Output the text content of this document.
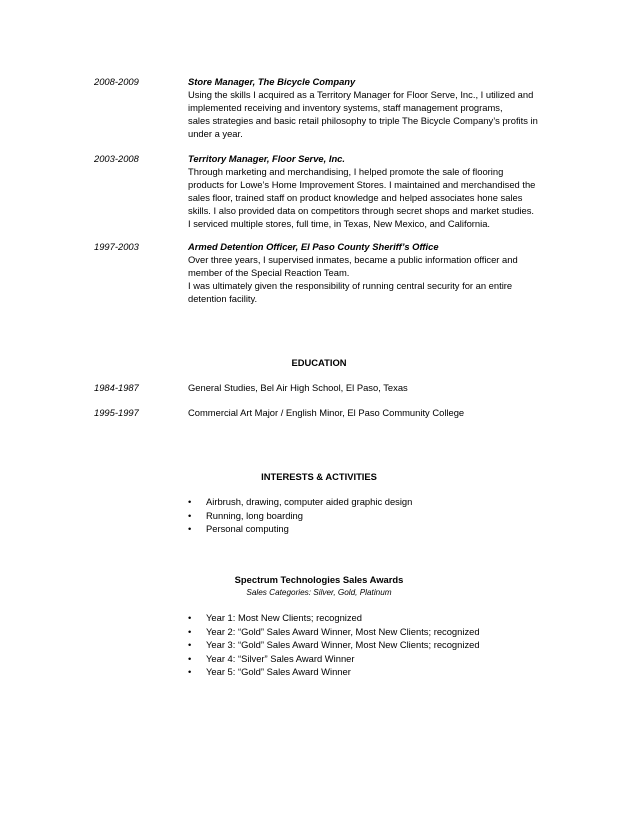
2008-2009	Store Manager, The Bicycle Company
Using the skills I acquired as a Territory Manager for Floor Serve, Inc., I utilized and
implemented receiving and inventory systems, staff management programs,
sales strategies and basic retail philosophy to triple The Bicycle Company’s profits in
under a year.
2003-2008	Territory Manager, Floor Serve, Inc.
Through marketing and merchandising, I helped promote the sale of flooring
products for Lowe’s Home Improvement Stores. I maintained and merchandised the
sales floor, trained staff on product knowledge and helped associates hone sales
skills. I also provided data on competitors through secret shops and market studies.
I serviced multiple stores, full time, in Texas, New Mexico, and California.
1997-2003	Armed Detention Officer, El Paso County Sheriff’s Office
Over three years, I supervised inmates, became a public information officer and
member of the Special Reaction Team.
I was ultimately given the responsibility of running central security for an entire
detention facility.
EDUCATION
1984-1987	General Studies, Bel Air High School, El Paso, Texas
1995-1997	Commercial Art Major / English Minor, El Paso Community College
INTERESTS & ACTIVITIES
• Airbrush, drawing, computer aided graphic design
• Running, long boarding
• Personal computing
Spectrum Technologies Sales Awards
Sales Categories: Silver, Gold, Platinum
• Year 1: Most New Clients; recognized
• Year 2: “Gold” Sales Award Winner, Most New Clients; recognized
• Year 3: “Gold” Sales Award Winner, Most New Clients; recognized
• Year 4: “Silver” Sales Award Winner
• Year 5: “Gold” Sales Award Winner
